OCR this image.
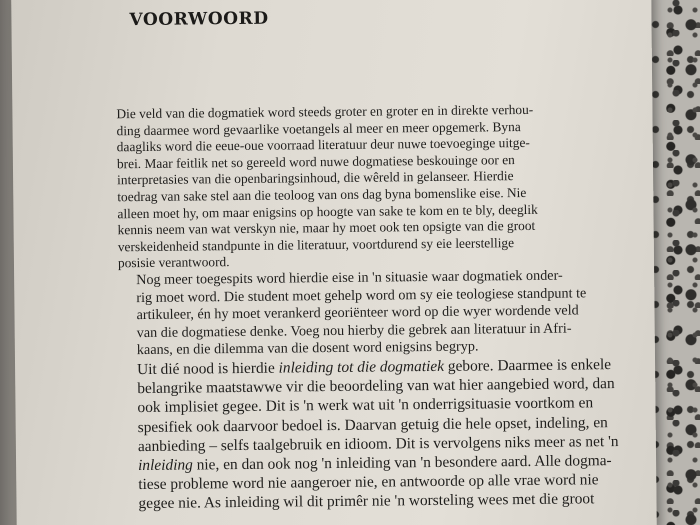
VOORWOORD

Die veld van die dogmatiek word steeds groter en groter en in direkte verhou-
ding daarmee word gevaarlike voetangels al meer en meer opgemerk. Byna
daagliks word die eeue-oue voorraad literatuur deur nuwe toevoeginge uitge-
brei. Maar feitlik net so gereeld word nuwe dogmatiese beskouinge oor en
interpretasies van die openbaringsinhoud, die wêreld in gelanseer. Hierdie
toedrag van sake stel aan die teoloog van ons dag byna bomenslike eise. Nie
alleen moet hy, om maar enigsins op hoogte van sake te kom en te bly, deeglik
kennis neem van wat verskyn nie, maar hy moet ook ten opsigte van die groot
verskeidenheid standpunte in die literatuur, voortdurend sy eie leerstellige
posisie verantwoord.

Nog meer toegespits word hierdie eise in 'n situasie waar dogmatiek onder-
rig moet word. Die student moet gehelp word om sy eie teologiese standpunt te
artikuleer, én hy moet verankerd georiënteer word op die wyer wordende veld
van die dogmatiese denke. Voeg nou hierby die gebrek aan literatuur in Afri-
kaans, en die dilemma van die dosent word enigsins begryp.

Uit dié nood is hierdie inleiding tot die dogmatiek gebore. Daarmee is enkele
belangrike maatstawwe vir die beoordeling van wat hier aangebied word, dan
ook implisiet gegee. Dit is 'n werk wat uit 'n onderrigsituasie voortkom en
spesifiek ook daarvoor bedoel is. Daarvan getuig die hele opset, indeling, en
aanbieding – selfs taalgebruik en idioom. Dit is vervolgens niks meer as net 'n
inleiding nie, en dan ook nog 'n inleiding van 'n besondere aard. Alle dogma-
tiese probleme word nie aangeroer nie, en antwoorde op alle vrae word nie
gegee nie. As inleiding wil dit primêr nie 'n worsteling wees met die groot
